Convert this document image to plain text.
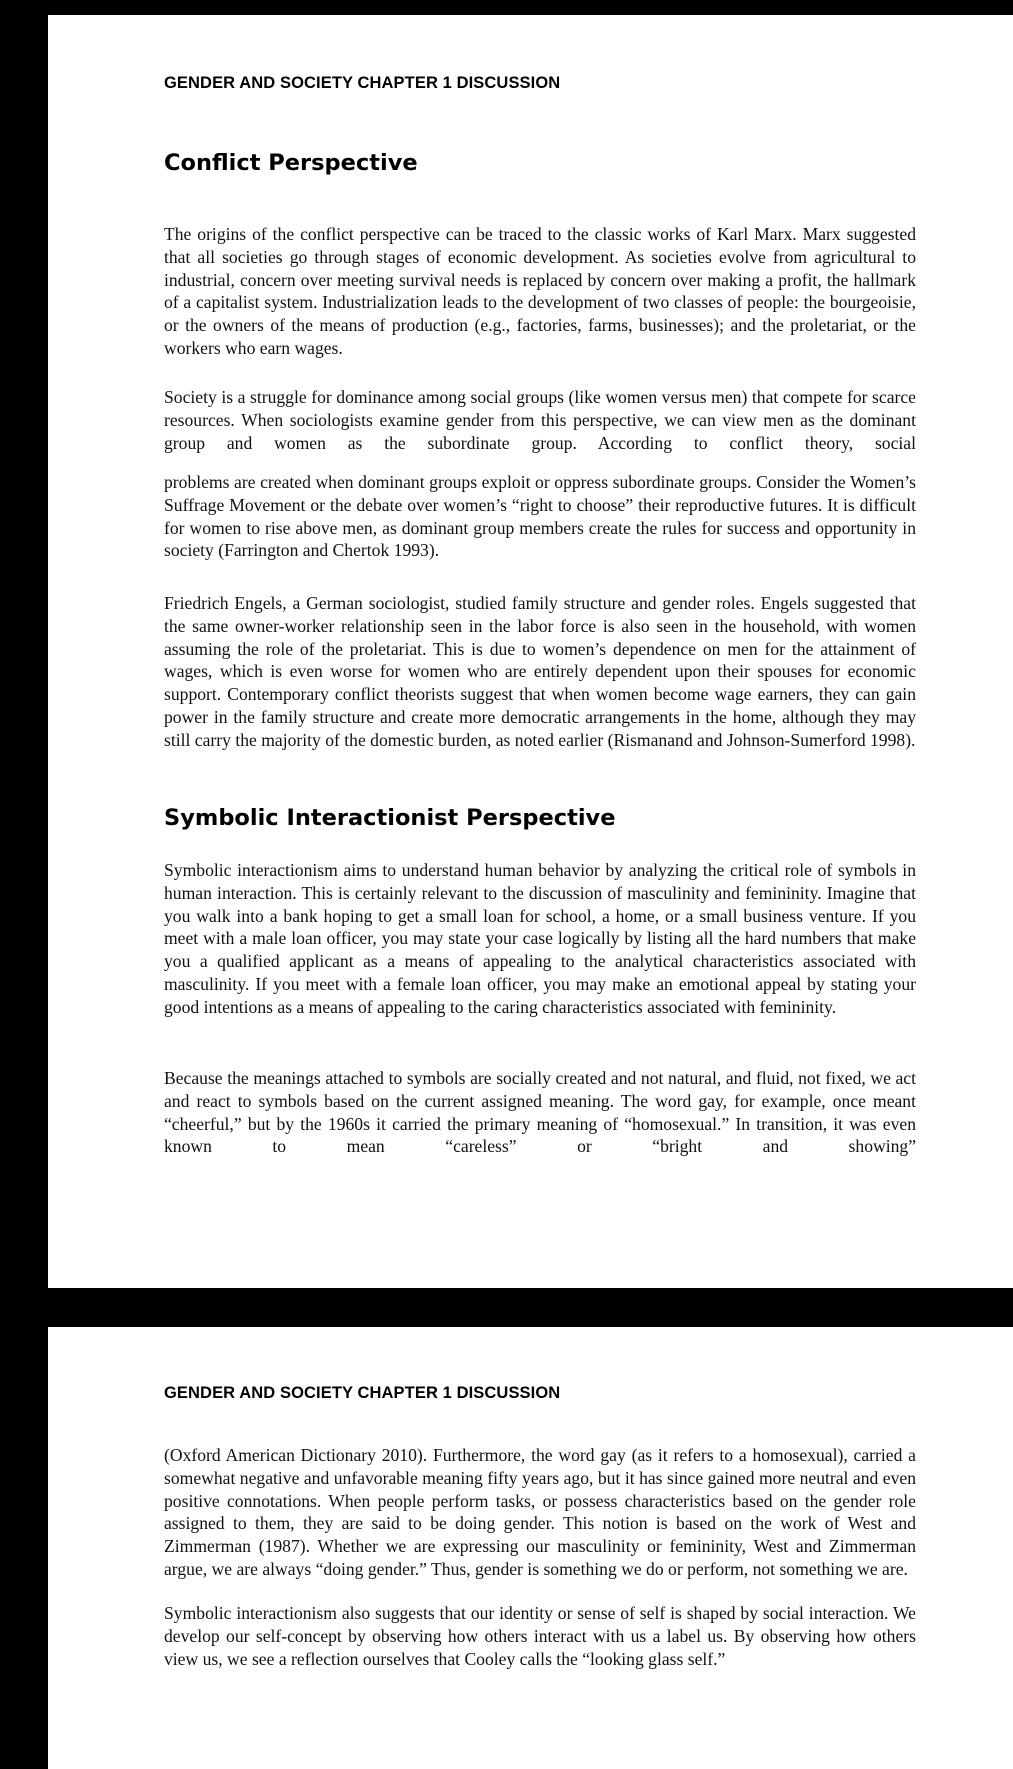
GENDER AND SOCIETY CHAPTER 1 DISCUSSION
Conflict Perspective

The origins of the conflict perspective can be traced to the classic works of Karl Marx. Marx suggested that all societies go through stages of economic development. As societies evolve from agricultural to industrial, concern over meeting survival needs is replaced by concern over making a profit, the hallmark of a capitalist system. Industrialization leads to the development of two classes of people: the bourgeoisie, or the owners of the means of production (e.g., factories, farms, businesses); and the proletariat, or the workers who earn wages.

Society is a struggle for dominance among social groups (like women versus men) that compete for scarce resources. When sociologists examine gender from this perspective, we can view men as the dominant group and women as the subordinate group. According to conflict theory, social

problems are created when dominant groups exploit or oppress subordinate groups. Consider the Women’s Suffrage Movement or the debate over women’s “right to choose” their reproductive futures. It is difficult for women to rise above men, as dominant group members create the rules for success and opportunity in society (Farrington and Chertok 1993).

Friedrich Engels, a German sociologist, studied family structure and gender roles. Engels suggested that the same owner-worker relationship seen in the labor force is also seen in the household, with women assuming the role of the proletariat. This is due to women’s dependence on men for the attainment of wages, which is even worse for women who are entirely dependent upon their spouses for economic support. Contemporary conflict theorists suggest that when women become wage earners, they can gain power in the family structure and create more democratic arrangements in the home, although they may still carry the majority of the domestic burden, as noted earlier (Rismanand and Johnson-Sumerford 1998).

Symbolic Interactionist Perspective

Symbolic interactionism aims to understand human behavior by analyzing the critical role of symbols in human interaction. This is certainly relevant to the discussion of masculinity and femininity. Imagine that you walk into a bank hoping to get a small loan for school, a home, or a small business venture. If you meet with a male loan officer, you may state your case logically by listing all the hard numbers that make you a qualified applicant as a means of appealing to the analytical characteristics associated with masculinity. If you meet with a female loan officer, you may make an emotional appeal by stating your good intentions as a means of appealing to the caring characteristics associated with femininity.

Because the meanings attached to symbols are socially created and not natural, and fluid, not fixed, we act and react to symbols based on the current assigned meaning. The word gay, for example, once meant “cheerful,” but by the 1960s it carried the primary meaning of “homosexual.” In transition, it was even known to mean “careless” or “bright and showing”

GENDER AND SOCIETY CHAPTER 1 DISCUSSION

(Oxford American Dictionary 2010). Furthermore, the word gay (as it refers to a homosexual), carried a somewhat negative and unfavorable meaning fifty years ago, but it has since gained more neutral and even positive connotations. When people perform tasks, or possess characteristics based on the gender role assigned to them, they are said to be doing gender. This notion is based on the work of West and Zimmerman (1987). Whether we are expressing our masculinity or femininity, West and Zimmerman argue, we are always “doing gender.” Thus, gender is something we do or perform, not something we are.

Symbolic interactionism also suggests that our identity or sense of self is shaped by social interaction. We develop our self-concept by observing how others interact with us a label us. By observing how others view us, we see a reflection ourselves that Cooley calls the “looking glass self.”
